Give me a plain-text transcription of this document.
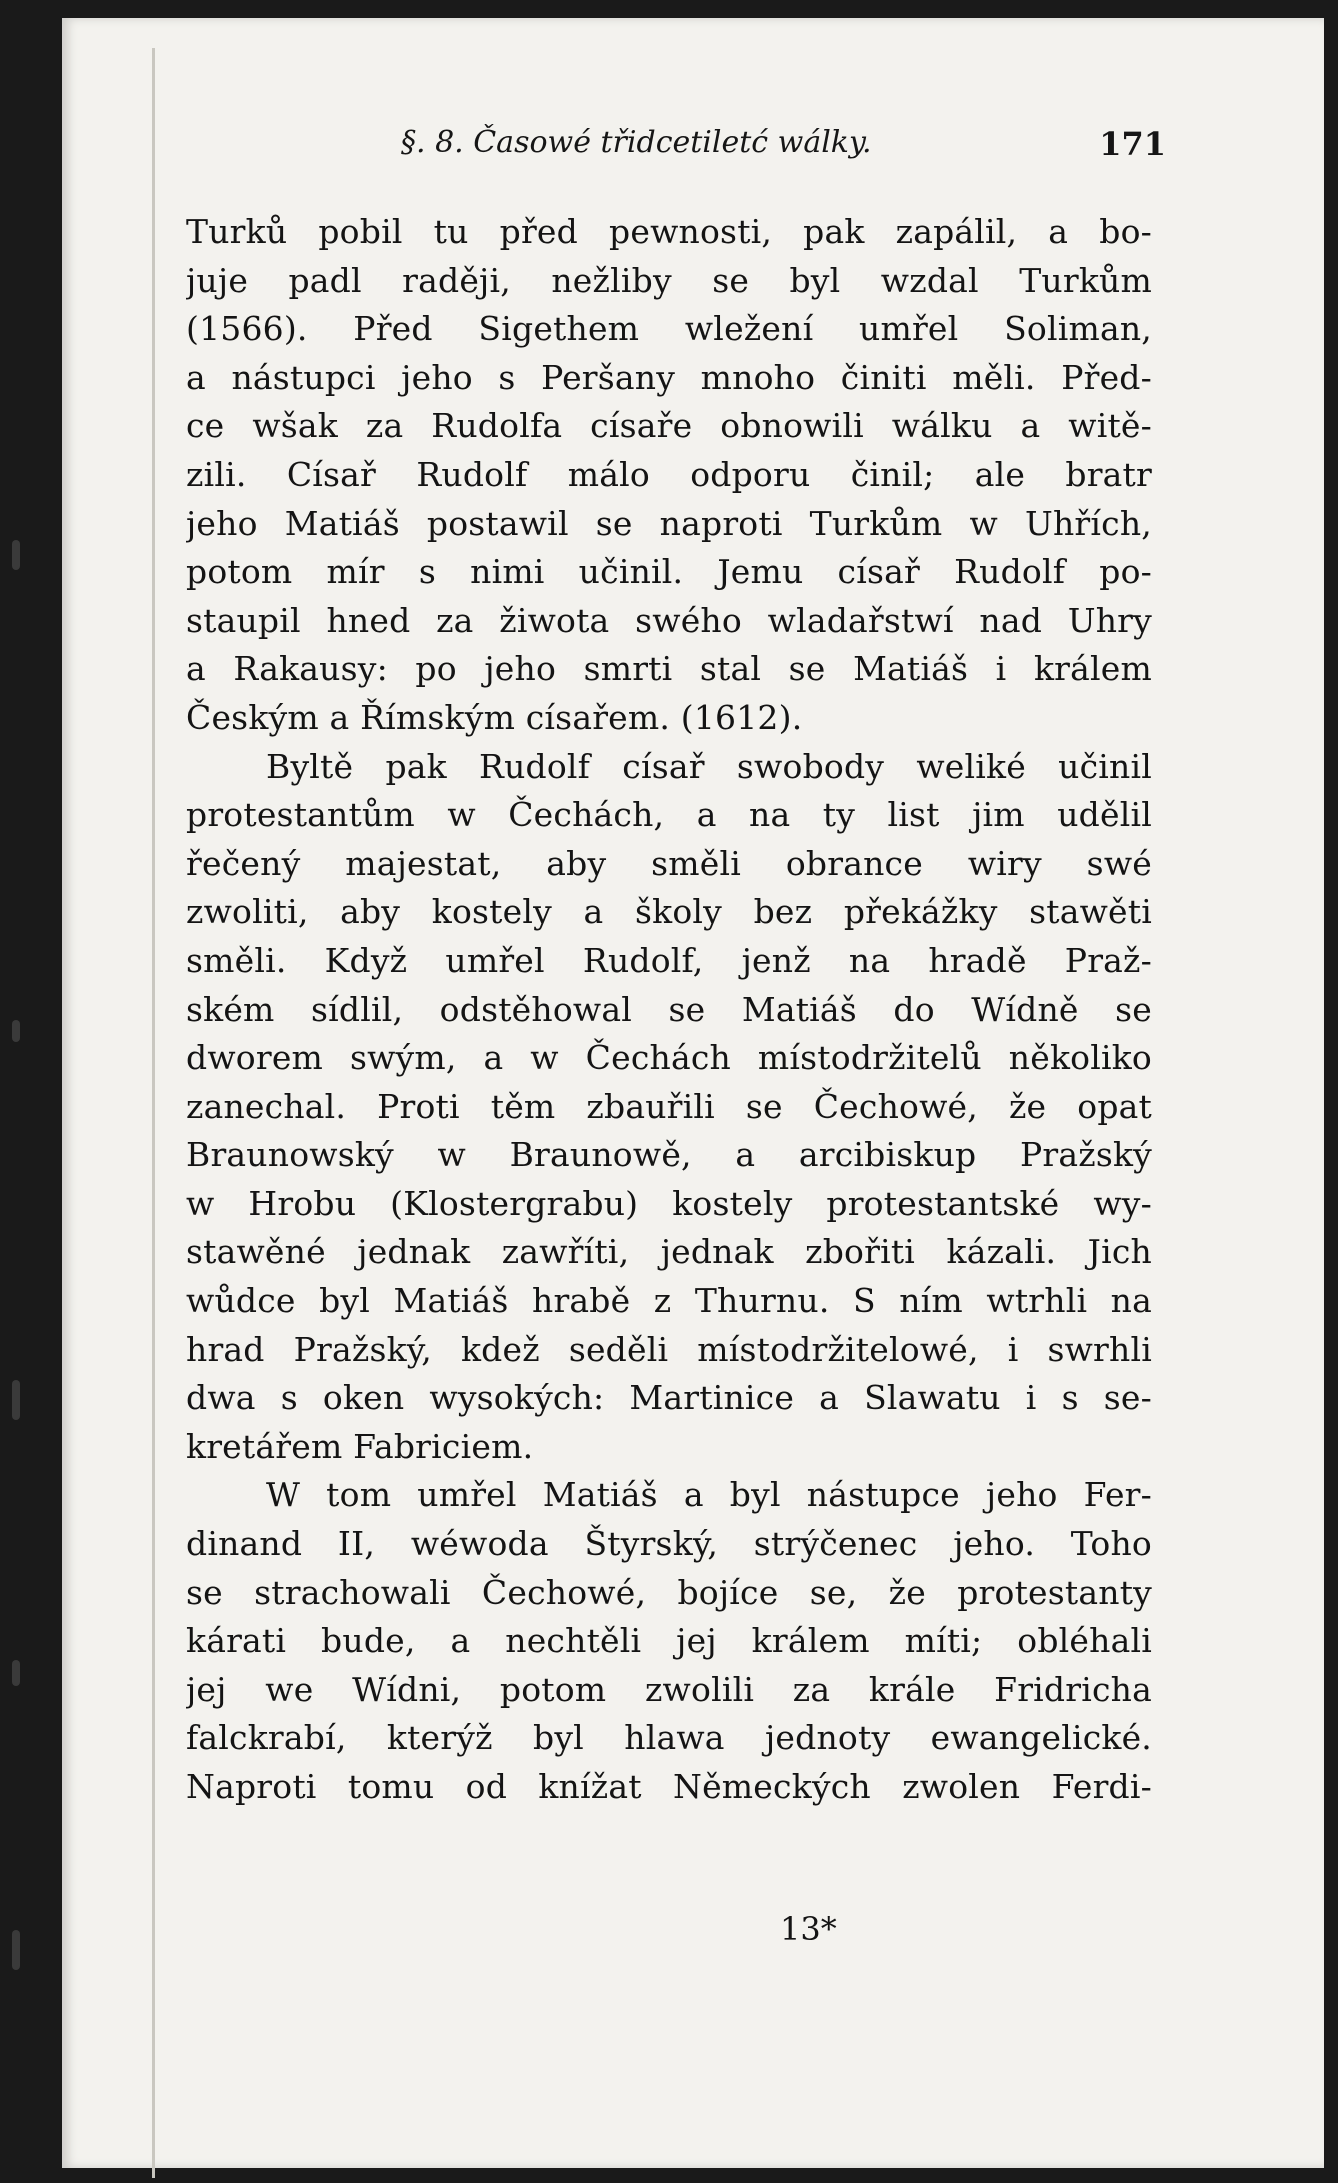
§. 8. Časowé třidcetiletć wálky.	171
Turků pobil tu před pewnosti, pak zapálil, a bo-
juje padl raději, nežliby se byl wzdal Turkům
(1566). Před Sigethem wležení umřel Soliman,
a nástupci jeho s Peršany mnoho činiti měli. Před-
ce wšak za Rudolfa císaře obnowili wálku a witě-
zili. Císař Rudolf málo odporu činil; ale bratr
jeho Matiáš postawil se naproti Turkům w Uhřích,
potom mír s nimi učinil. Jemu císař Rudolf po-
staupil hned za žiwota swého wladařstwí nad Uhry
a Rakausy: po jeho smrti stal se Matiáš i králem
Českým a Římským císařem. (1612).
Byltě pak Rudolf císař swobody weliké učinil
protestantům w Čechách, a na ty list jim udělil
řečený majestat, aby směli obrance wiry swé
zwoliti, aby kostely a školy bez překážky stawěti
směli. Když umřel Rudolf, jenž na hradě Praž-
ském sídlil, odstěhowal se Matiáš do Wídně se
dworem swým, a w Čechách místodržitelů několiko
zanechal. Proti těm zbauřili se Čechowé, že opat
Braunowský w Braunowě, a arcibiskup Pražský
w Hrobu (Klostergrabu) kostely protestantské wy-
stawěné jednak zawříti, jednak zbořiti kázali. Jich
wůdce byl Matiáš hrabě z Thurnu. S ním wtrhli na
hrad Pražský, kdež seděli místodržitelowé, i swrhli
dwa s oken wysokých: Martinice a Slawatu i s se-
kretářem Fabriciem.
W tom umřel Matiáš a byl nástupce jeho Fer-
dinand II, wéwoda Štyrský, strýčenec jeho. Toho
se strachowali Čechowé, bojíce se, že protestanty
kárati bude, a nechtěli jej králem míti; obléhali
jej we Wídni, potom zwolili za krále Fridricha
falckrabí, kterýž byl hlawa jednoty ewangelické.
Naproti tomu od knížat Německých zwolen Ferdi-
13*
